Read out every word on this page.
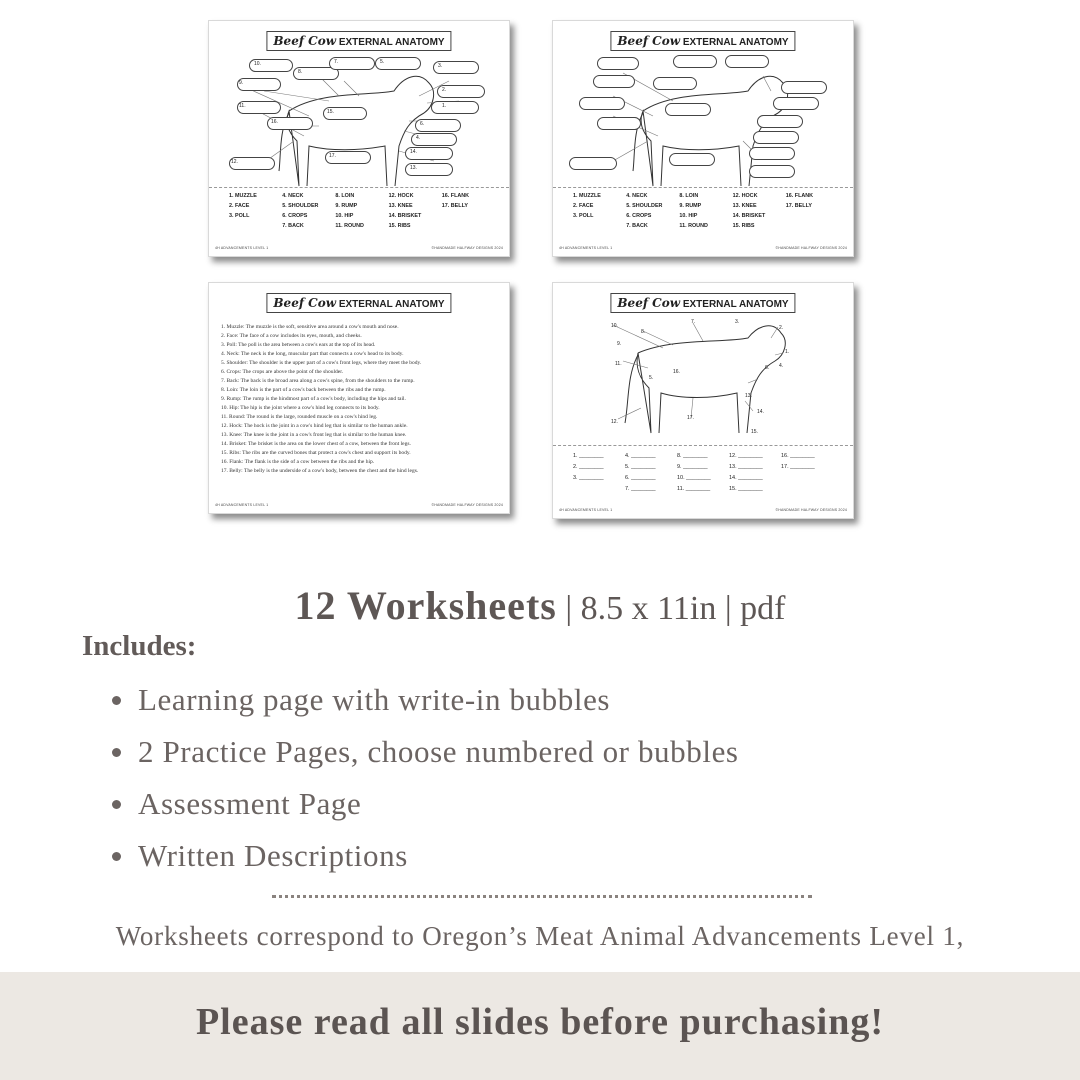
Beef Cow EXTERNAL ANATOMY
10.
8.
7.	5.
3.
9.
2.
1.
11.
15.
6.
16.
4.
14.
13.
17.
12.
1. MUZZLE	4. NECK	8. LOIN	12. HOCK	16. FLANK
2. FACE	5. SHOULDER	9. RUMP	13. KNEE	17. BELLY
3. POLL	6. CROPS	10. HIP	14. BRISKET
7. BACK	11. ROUND	15. RIBS
4H ADVANCEMENTS LEVEL 1	©HANDMADE HALFWAY DESIGNS 2024
Beef Cow EXTERNAL ANATOMY
1. MUZZLE	4. NECK	8. LOIN	12. HOCK	16. FLANK
2. FACE	5. SHOULDER	9. RUMP	13. KNEE	17. BELLY
3. POLL	6. CROPS	10. HIP	14. BRISKET
7. BACK	11. ROUND	15. RIBS
4H ADVANCEMENTS LEVEL 1	©HANDMADE HALFWAY DESIGNS 2024
Beef Cow EXTERNAL ANATOMY
1. Muzzle: The muzzle is the soft, sensitive area around a cow's mouth and nose.
2. Face: The face of a cow includes its eyes, mouth, and cheeks.
3. Poll: The poll is the area between a cow's ears at the top of its head.
4. Neck: The neck is the long, muscular part that connects a cow's head to its body.
5. Shoulder: The shoulder is the upper part of a cow's front legs, where they meet the body.
6. Crops: The crops are above the point of the shoulder.
7. Back: The back is the broad area along a cow's spine, from the shoulders to the rump.
8. Loin: The loin is the part of a cow's back between the ribs and the rump.
9. Rump: The rump is the hindmost part of a cow's body, including the hips and tail.
10. Hip: The hip is the joint where a cow's hind leg connects to its body.
11. Round: The round is the large, rounded muscle on a cow's hind leg.
12. Hock: The hock is the joint in a cow's hind leg that is similar to the human ankle.
13. Knee: The knee is the joint in a cow's front leg that is similar to the human knee.
14. Brisket: The brisket is the area on the lower chest of a cow, between the front legs.
15. Ribs: The ribs are the curved bones that protect a cow's chest and support its body.
16. Flank: The flank is the side of a cow between the ribs and the hip.
17. Belly: The belly is the underside of a cow's body, between the chest and the hind legs.
4H ADVANCEMENTS LEVEL 1	©HANDMADE HALFWAY DESIGNS 2024
Beef Cow EXTERNAL ANATOMY
10.
8.
7.	3.
2.
9.
1.
11.
5.
16.
6. 4.
13.
14.
12.
17.
15.
1. ________	4. ________	8. ________	12. ________	16. ________
2. ________	5. ________	9. ________	13. ________	17. ________
3. ________	6. ________	10. ________	14. ________
7. ________	11. ________	15. ________
4H ADVANCEMENTS LEVEL 1	©HANDMADE HALFWAY DESIGNS 2024
12 Worksheets | 8.5 x 11in | pdf
Includes:
Learning page with write-in bubbles
2 Practice Pages, choose numbered or bubbles
Assessment Page
Written Descriptions
Worksheets correspond to Oregon’s Meat Animal Advancements Level 1,
Please read all slides before purchasing!
